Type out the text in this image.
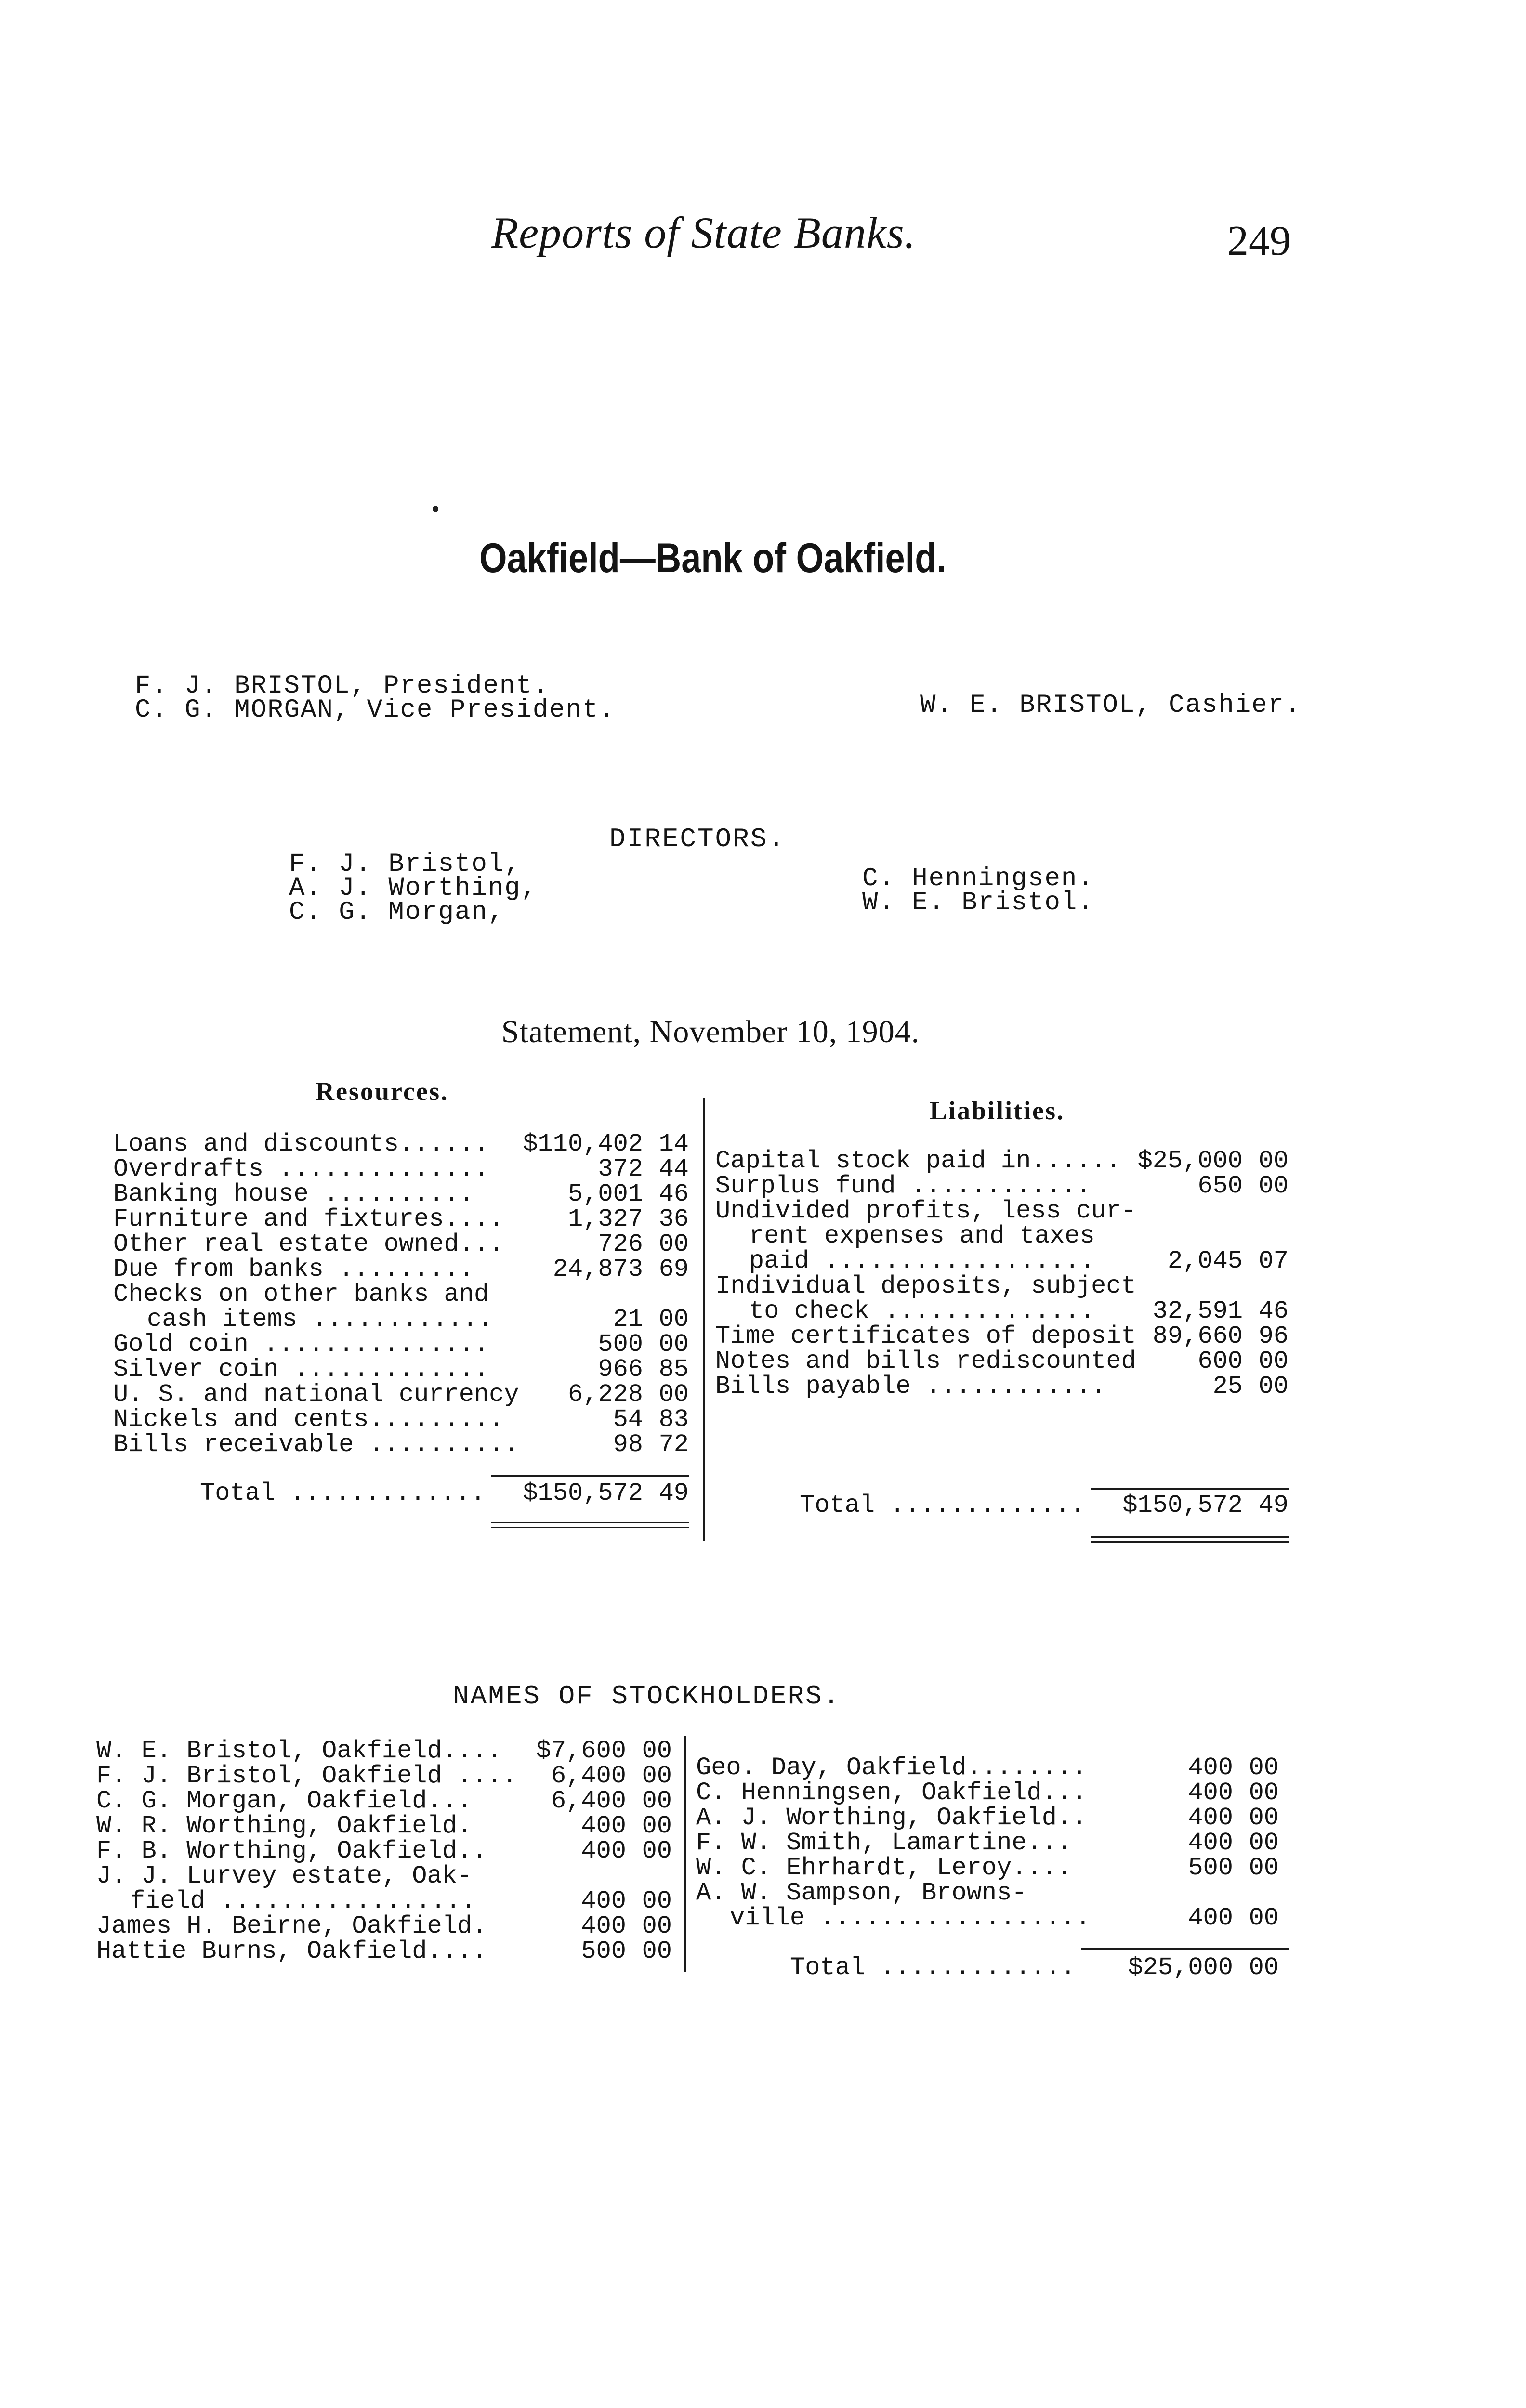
Reports of State Banks.	249
Oakfield—Bank of Oakfield.
F. J. BRISTOL, President.
C. G. MORGAN, Vice President.	W. E. BRISTOL, Cashier.
DIRECTORS.
F. J. Bristol,
A. J. Worthing,
C. G. Morgan,
C. Henningsen.
W. E. Bristol.
Statement, November 10, 1904.
Resources.
Liabilities.
Loans and discounts...... $110,402 14
Overdrafts ..............	372 44
Banking house ..........	5,001 46
Furniture and fixtures....	1,327 36
Other real estate owned...	726 00
Due from banks .........	24,873 69
Checks on other banks and
cash items ............	21 00
Gold coin ...............	500 00
Silver coin .............	966 85
U. S. and national currency 6,228 00
Nickels and cents.........	54 83
Bills receivable ..........	98 72
Capital stock paid in...... $25,000 00
Surplus fund ............	650 00
Undivided profits, less cur-
rent expenses and taxes
paid ..................	2,045 07
Individual deposits, subject
to check .............. 32,591 46
Time certificates of deposit 89,660 96
Notes and bills rediscounted 600 00
Bills payable ............	25 00
Total ............. $150,572 49	Total ............. $150,572 49
NAMES OF STOCKHOLDERS.
W. E. Bristol, Oakfield.... $7,600 00
F. J. Bristol, Oakfield .... 6,400 00
C. G. Morgan, Oakfield...	6,400 00
W. R. Worthing, Oakfield.	400 00
F. B. Worthing, Oakfield..	400 00
J. J. Lurvey estate, Oak-
field .................	400 00
James H. Beirne, Oakfield.	400 00
Hattie Burns, Oakfield....	500 00
Geo. Day, Oakfield........	400 00
C. Henningsen, Oakfield...	400 00
A. J. Worthing, Oakfield..	400 00
F. W. Smith, Lamartine...	400 00
W. C. Ehrhardt, Leroy....	500 00
A. W. Sampson, Browns-
ville ..................	400 00
Total ............. $25,000 00
